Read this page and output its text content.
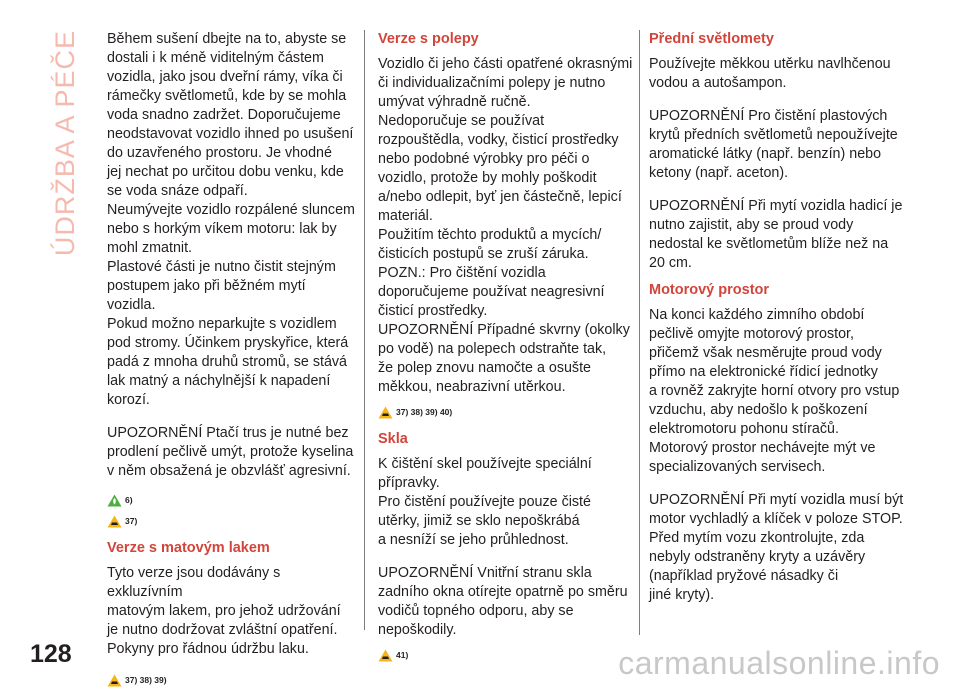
ÚDRŽBA A PÉČE
128

Během sušení dbejte na to, abyste se
dostali i k méně viditelným částem
vozidla, jako jsou dveřní rámy, víka či
rámečky světlometů, kde by se mohla
voda snadno zadržet. Doporučujeme
neodstavovat vozidlo ihned po usušení
do uzavřeného prostoru. Je vhodné
jej nechat po určitou dobu venku, kde
se voda snáze odpaří.
Neumývejte vozidlo rozpálené sluncem
nebo s horkým víkem motoru: lak by
mohl zmatnit.
Plastové části je nutno čistit stejným
postupem jako při běžném mytí vozidla.
Pokud možno neparkujte s vozidlem
pod stromy. Účinkem pryskyřice, která
padá z mnoha druhů stromů, se stává
lak matný a náchylnější k napadení
korozí.

UPOZORNĚNÍ Ptačí trus je nutné bez
prodlení pečlivě umýt, protože kyselina
v něm obsažená je obzvlášť agresivní.

6)
37)
Verze s matovým lakem

Tyto verze jsou dodávány s exkluzívním
matovým lakem, pro jehož udržování
je nutno dodržovat zvláštní opatření.
Pokyny pro řádnou údržbu laku.

37) 38) 39)
Verze s polepy

Vozidlo či jeho části opatřené okrasnými
či individualizačními polepy je nutno
umývat výhradně ručně.
Nedoporučuje se používat
rozpouštědla, vodky, čisticí prostředky
nebo podobné výrobky pro péči o
vozidlo, protože by mohly poškodit
a/nebo odlepit, byť jen částečně, lepicí
materiál.
Použitím těchto produktů a mycích/
čisticích postupů se zruší záruka.
POZN.: Pro čištění vozidla
doporučujeme používat neagresivní
čisticí prostředky.
UPOZORNĚNÍ Případné skvrny (okolky
po vodě) na polepech odstraňte tak,
že polep znovu namočte a osušte
měkkou, neabrazivní utěrkou.

37) 38) 39) 40)
Skla

K čištění skel používejte speciální
přípravky.
Pro čistění používejte pouze čisté
utěrky, jimiž se sklo nepoškrábá
a nesníží se jeho průhlednost.

UPOZORNĚNÍ Vnitřní stranu skla
zadního okna otírejte opatrně po směru
vodičů topného odporu, aby se
nepoškodily.

41)
Přední světlomety

Používejte měkkou utěrku navlhčenou
vodou a autošampon.

UPOZORNĚNÍ Pro čistění plastových
krytů předních světlometů nepoužívejte
aromatické látky (např. benzín) nebo
ketony (např. aceton).

UPOZORNĚNÍ Při mytí vozidla hadicí je
nutno zajistit, aby se proud vody
nedostal ke světlometům blíže než na
20 cm.

Motorový prostor

Na konci každého zimního období
pečlivě omyjte motorový prostor,
přičemž však nesměrujte proud vody
přímo na elektronické řídicí jednotky
a rovněž zakryjte horní otvory pro vstup
vzduchu, aby nedošlo k poškození
elektromotoru pohonu stíračů.
Motorový prostor nechávejte mýt ve
specializovaných servisech.

UPOZORNĚNÍ Při mytí vozidla musí být
motor vychladlý a klíček v poloze STOP.
Před mytím vozu zkontrolujte, zda
nebyly odstraněny kryty a uzávěry
(například pryžové násadky či
jiné kryty).

carmanualsonline.info
